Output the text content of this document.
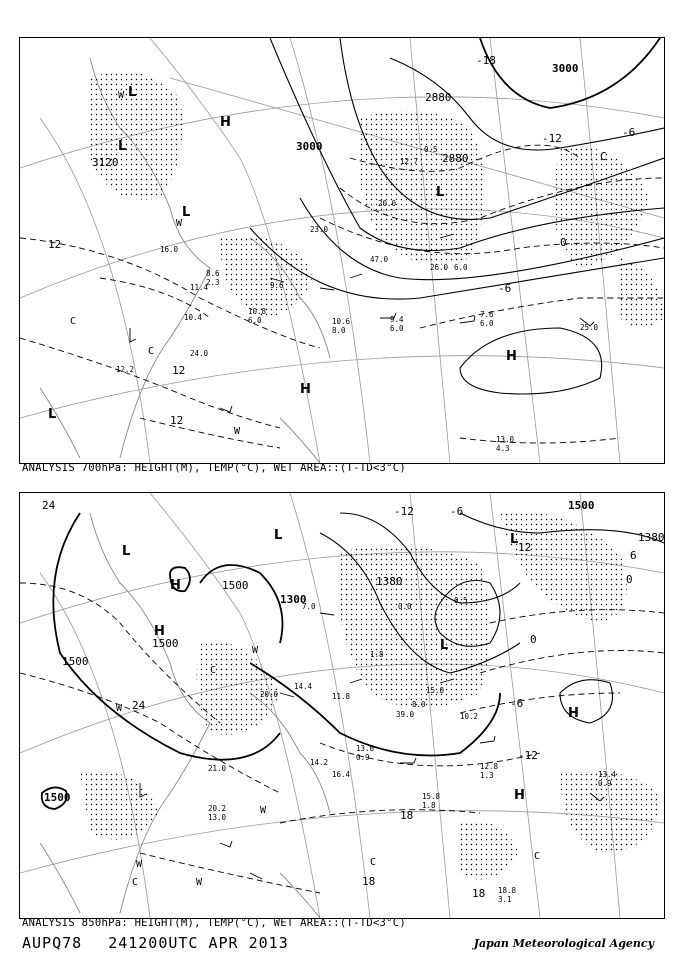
L
L
H
L
L
H
H
L
3000
2880
3120
3000
2880
12
12
12
-12	-6
0
-18
-6
C
C
W
C
W
W
13.0
4.3
7.6
6.0	25.0
10.6
8.0
9.4
6.0
10.8
6.0
8.6
2.3	9.6
11.4
10.4
12.2
24.0
16.0
23.0
20.0
47.0
26.0 6.0
12.7
0.5
ANALYSIS 700hPa: HEIGHT(M), TEMP(°C), WET AREA::(T-TD<3°C)
L
H
H
L
L
H
H
L
1500
1500
1500
1380
1500
1380
1500
1300
24
24
18
18
18
-12
-6
0
0
-6
-12
6
12
W
W
W
W
C
C
C
C
W
13.4
0.9
20.2
13.0
21.0
15.8
1.8
13.0
0.9
14.2
16.4
12.8
1.3
10.2
39.0
15.0
8.0
18.8
3.1
14.4
20.0	11.8
7.0
1.8
0.0
0.5
ANALYSIS 850hPa: HEIGHT(M), TEMP(°C), WET AREA::(T-TD<3°C)
AUPQ78 241200UTC APR 2013	Japan Meteorological Agency
